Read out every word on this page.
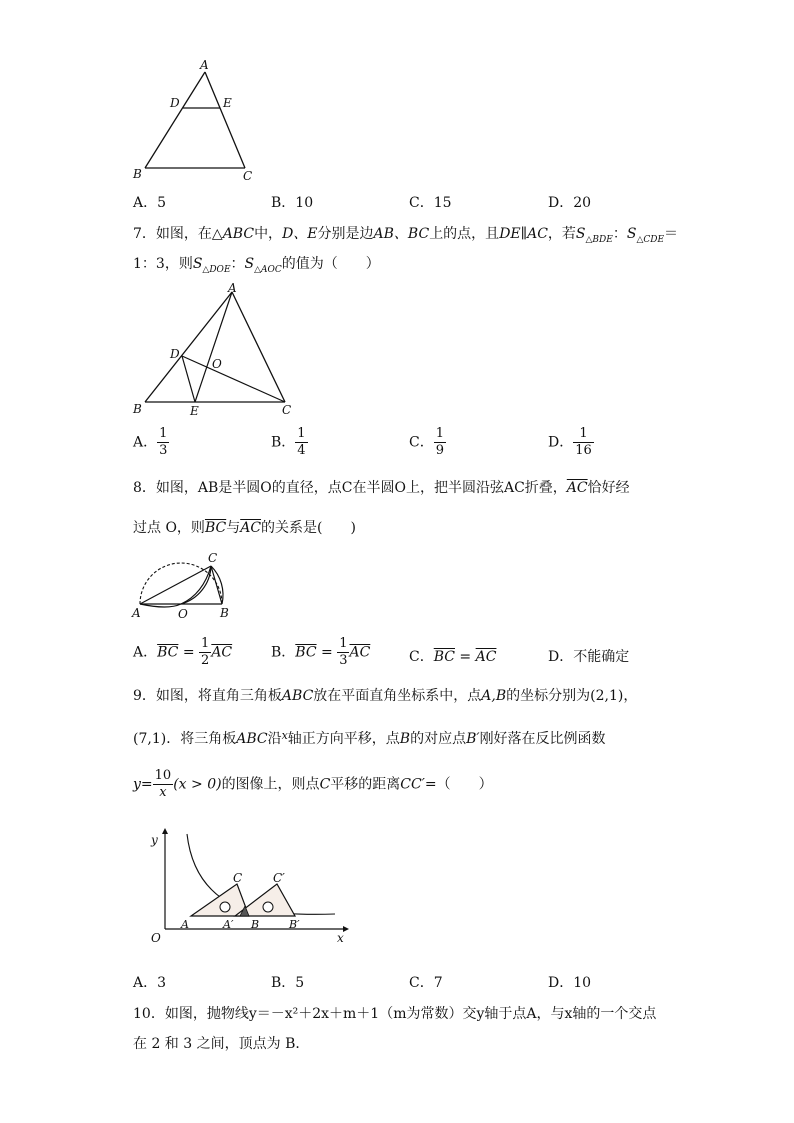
A
D	E
B	C
A．5	B．10	C．15	D．20
7．如图，在△ABC中，D、E分别是边AB、BC上的点，且DE∥AC，若$S_{\triangle BDE}$：$S_{\triangle CDE}=$
1：3，则$S_{\triangle DOE}$：$S_{\triangle AOC}$的值为（　　）
A
D
O
B	E	C
A． $\frac{1}{3}$	B． $\frac{1}{4}$	C． $\frac{1}{9}$	D． $\frac{1}{16}$
8．如图，AB是半圆O的直径，点C在半圆O上，把半圆沿弦AC折叠，$\overline{AC}$恰好经
过点 O，则$\overline{BC}$与$\overline{AC}$的关系是(　　)
C
A	O	B
A．$\overline{BC} = \frac{1}{2} \overline{AC}$	B．$\overline{BC} = \frac{1}{3} \overline{AC}$	C．$\overline{BC} = \overline{AC}$	D．不能确定
9．如图，将直角三角板ABC放在平面直角坐标系中，点A,B的坐标分别为(2,1)，
(7,1)．将三角板ABC沿$^x$轴正方向平移，点B的对应点B′刚好落在反比例函数
$y= \frac{10}{x} (x > 0)$的图像上，则点C平移的距离CC′=（　　）
y
C	C′
O
A	A′ B	B′
x
A．3	B．5	C．7	D．10
10．如图，抛物线y＝－x²＋2x＋m＋1（m为常数）交y轴于点A，与x轴的一个交点
在 2 和 3 之间，顶点为 B．
